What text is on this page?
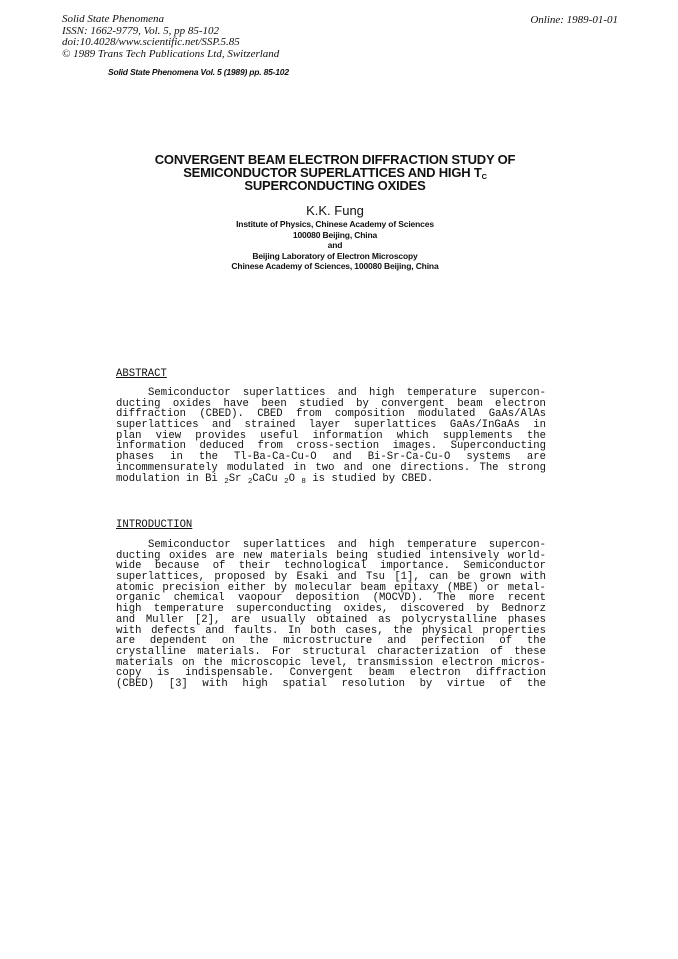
Solid State Phenomena
ISSN: 1662-9779, Vol. 5, pp 85-102
doi:10.4028/www.scientific.net/SSP.5.85
© 1989 Trans Tech Publications Ltd, Switzerland
Online: 1989-01-01
Solid State Phenomena Vol. 5 (1989) pp. 85-102
CONVERGENT BEAM ELECTRON DIFFRACTION STUDY OF
SEMICONDUCTOR SUPERLATTICES AND HIGH $T_C$
SUPERCONDUCTING OXIDES
K.K. Fung
Institute of Physics, Chinese Academy of Sciences
100080 Beijing, China
and
Beijing Laboratory of Electron Microscopy
Chinese Academy of Sciences, 100080 Beijing, China
ABSTRACT
Semiconductor superlattices and high temperature supercon-
ducting oxides have been studied by convergent beam electron
diffraction (CBED). CBED from composition modulated GaAs/AlAs
superlattices and strained layer superlattices GaAs/InGaAs in
plan view provides useful information which supplements the
information deduced from cross-section images. Superconducting
phases in the Tl-Ba-Ca-Cu-O and Bi-Sr-Ca-Cu-O systems are
incommensurately modulated in two and one directions. The strong
modulation in Bi $_2$Sr $_2$CaCu $_2$O $_8$ is studied by CBED.
INTRODUCTION
Semiconductor superlattices and high temperature supercon-
ducting oxides are new materials being studied intensively world-
wide because of their technological importance. Semiconductor
superlattices, proposed by Esaki and Tsu [1], can be grown with
atomic precision either by molecular beam epitaxy (MBE) or metal-
organic chemical vaopour deposition (MOCVD). The more recent
high temperature superconducting oxides, discovered by Bednorz
and Muller [2], are usually obtained as polycrystalline phases
with defects and faults. In both cases, the physical properties
are dependent on the microstructure and perfection of the
crystalline materials. For structural characterization of these
materials on the microscopic level, transmission electron micros-
copy is indispensable. Convergent beam electron diffraction
(CBED) [3] with high spatial resolution by virtue of the
